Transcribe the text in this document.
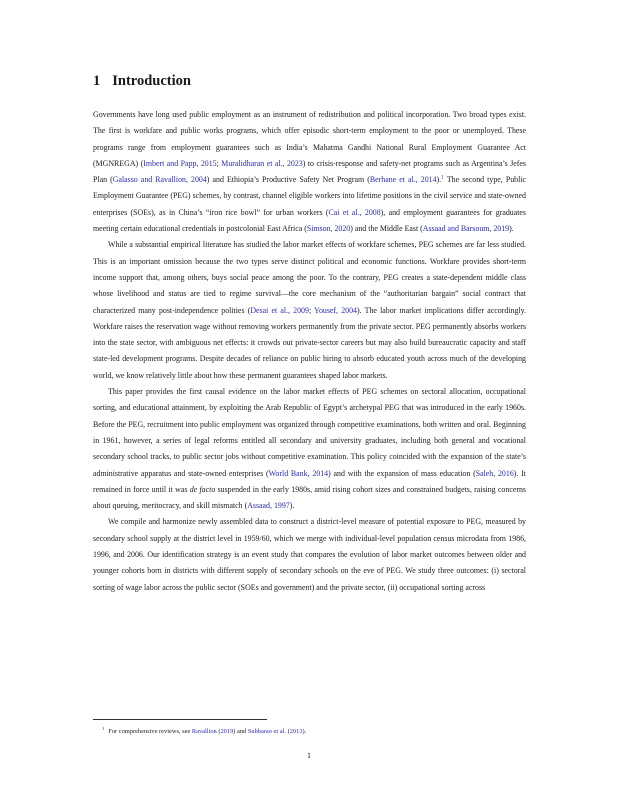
1 Introduction

Governments have long used public employment as an instrument of redistribution and political incorporation. Two broad types exist. The first is workfare and public works programs, which offer episodic short-term employment to the poor or unemployed. These programs range from employment guarantees such as India’s Mahatma Gandhi National Rural Employment Guarantee Act (MGNREGA) (Imbert and Papp, 2015; Muralidharan et al., 2023) to crisis-response and safety-net programs such as Argentina’s Jefes Plan (Galasso and Ravallion, 2004) and Ethiopia’s Productive Safety Net Program (Berhane et al., 2014).$^1$ The second type, Public Employment Guarantee (PEG) schemes, by contrast, channel eligible workers into lifetime positions in the civil service and state-owned enterprises (SOEs), as in China’s “iron rice bowl” for urban workers (Cai et al., 2008), and employment guarantees for graduates meeting certain educational credentials in postcolonial East Africa (Simson, 2020) and the Middle East (Assaad and Barsoum, 2019).

While a substantial empirical literature has studied the labor market effects of workfare schemes, PEG schemes are far less studied. This is an important omission because the two types serve distinct political and economic functions. Workfare provides short-term income support that, among others, buys social peace among the poor. To the contrary, PEG creates a state-dependent middle class whose livelihood and status are tied to regime survival—the core mechanism of the “authoritarian bargain” social contract that characterized many post-independence polities (Desai et al., 2009; Yousef, 2004). The labor market implications differ accordingly. Workfare raises the reservation wage without removing workers permanently from the private sector. PEG permanently absorbs workers into the state sector, with ambiguous net effects: it crowds out private-sector careers but may also build bureaucratic capacity and staff state-led development programs. Despite decades of reliance on public hiring to absorb educated youth across much of the developing world, we know relatively little about how these permanent guarantees shaped labor markets.

This paper provides the first causal evidence on the labor market effects of PEG schemes on sectoral allocation, occupational sorting, and educational attainment, by exploiting the Arab Republic of Egypt’s archetypal PEG that was introduced in the early 1960s. Before the PEG, recruitment into public employment was organized through competitive examinations, both written and oral. Beginning in 1961, however, a series of legal reforms entitled all secondary and university graduates, including both general and vocational secondary school tracks, to public sector jobs without competitive examination. This policy coincided with the expansion of the state’s administrative apparatus and state-owned enterprises (World Bank, 2014) and with the expansion of mass education (Saleh, 2016). It remained in force until it was de facto suspended in the early 1980s, amid rising cohort sizes and constrained budgets, raising concerns about queuing, meritocracy, and skill mismatch (Assaad, 1997).

We compile and harmonize newly assembled data to construct a district-level measure of potential exposure to PEG, measured by secondary school supply at the district level in 1959/60, which we merge with individual-level population census microdata from 1986, 1996, and 2006. Our identification strategy is an event study that compares the evolution of labor market outcomes between older and younger cohorts born in districts with different supply of secondary schools on the eve of PEG. We study three outcomes: (i) sectoral sorting of wage labor across the public sector (SOEs and government) and the private sector, (ii) occupational sorting across

$^1$ For comprehensive reviews, see Ravallion (2019) and Subbarao et al. (2013).
1
